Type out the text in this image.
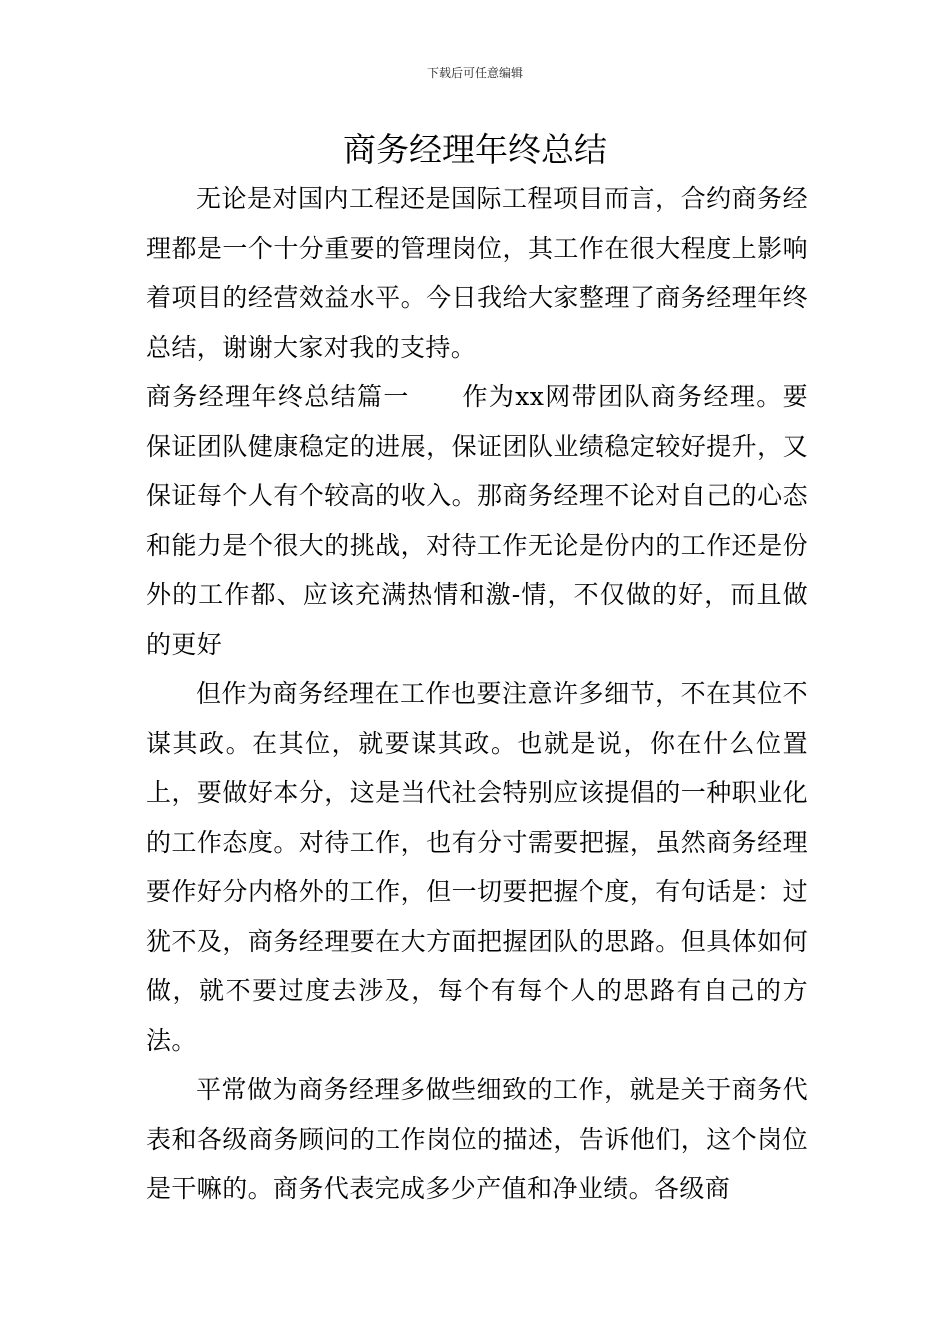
下载后可任意编辑
商务经理年终总结

无论是对国内工程还是国际工程项目而言，合约商务经理都是一个十分重要的管理岗位，其工作在很大程度上影响着项目的经营效益水平。今日我给大家整理了商务经理年终总结，谢谢大家对我的支持。

商务经理年终总结篇一　　作为xx网带团队商务经理。要保证团队健康稳定的进展，保证团队业绩稳定较好提升，又保证每个人有个较高的收入。那商务经理不论对自己的心态和能力是个很大的挑战，对待工作无论是份内的工作还是份外的工作都、应该充满热情和激-情，不仅做的好，而且做的更好

但作为商务经理在工作也要注意许多细节，不在其位不谋其政。在其位，就要谋其政。也就是说，你在什么位置上，要做好本分，这是当代社会特别应该提倡的一种职业化的工作态度。对待工作，也有分寸需要把握，虽然商务经理要作好分内格外的工作，但一切要把握个度，有句话是：过犹不及，商务经理要在大方面把握团队的思路。但具体如何做，就不要过度去涉及，每个有每个人的思路有自己的方法。

平常做为商务经理多做些细致的工作，就是关于商务代表和各级商务顾问的工作岗位的描述，告诉他们，这个岗位是干嘛的。商务代表完成多少产值和净业绩。各级商
